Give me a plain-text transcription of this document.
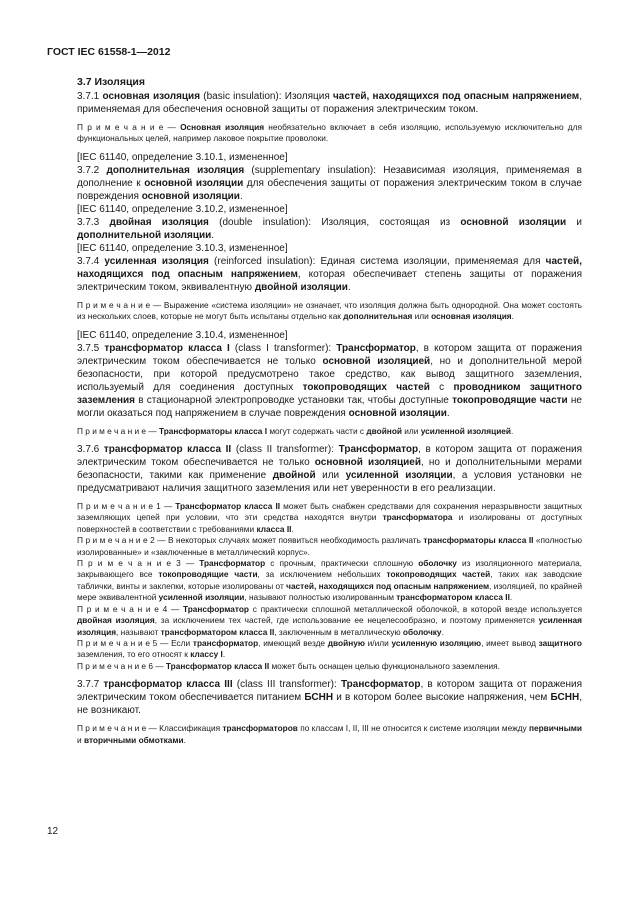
ГОСТ IEC 61558-1—2012
3.7 Изоляция

3.7.1 основная изоляция (basic insulation): Изоляция частей, находящихся под опасным напряжением, применяемая для обеспечения основной защиты от поражения электрическим током.

П р и м е ч а н и е — Основная изоляция необязательно включает в себя изоляцию, используемую исключительно для функциональных целей, например лаковое покрытие проволоки.

[IEC 61140, определение 3.10.1, измененное]

3.7.2 дополнительная изоляция (supplementary insulation): Независимая изоляция, применяемая в дополнение к основной изоляции для обеспечения защиты от поражения электрическим током в случае повреждения основной изоляции.

[IEC 61140, определение 3.10.2, измененное]

3.7.3 двойная изоляция (double insulation): Изоляция, состоящая из основной изоляции и дополнительной изоляции.

[IEC 61140, определение 3.10.3, измененное]

3.7.4 усиленная изоляция (reinforced insulation): Единая система изоляции, применяемая для частей, находящихся под опасным напряжением, которая обеспечивает степень защиты от поражения электрическим током, эквивалентную двойной изоляции.

П р и м е ч а н и е — Выражение «система изоляции» не означает, что изоляция должна быть однородной. Она может состоять из нескольких слоев, которые не могут быть испытаны отдельно как дополнительная или основная изоляция.

[IEC 61140, определение 3.10.4, измененное]

3.7.5 трансформатор класса I (class I transformer): Трансформатор, в котором защита от поражения электрическим током обеспечивается не только основной изоляцией, но и дополнительной мерой безопасности, при которой предусмотрено такое средство, как вывод защитного заземления, используемый для соединения доступных токопроводящих частей с проводником защитного заземления в стационарной электропроводке установки так, чтобы доступные токопроводящие части не могли оказаться под напряжением в случае повреждения основной изоляции.

П р и м е ч а н и е — Трансформаторы класса I могут содержать части с двойной или усиленной изоляцией.

3.7.6 трансформатор класса II (class II transformer): Трансформатор, в котором защита от поражения электрическим током обеспечивается не только основной изоляцией, но и дополнительными мерами безопасности, такими как применение двойной или усиленной изоляции, а условия установки не предусматривают наличия защитного заземления или нет уверенности в его реализации.

П р и м е ч а н и е 1 — Трансформатор класса II может быть снабжен средствами для сохранения неразрывности защитных заземляющих цепей при условии, что эти средства находятся внутри трансформатора и изолированы от доступных поверхностей в соответствии с требованиями класса II.

П р и м е ч а н и е 2 — В некоторых случаях может появиться необходимость различать трансформаторы класса II «полностью изолированные» и «заключенные в металлический корпус».

П р и м е ч а н и е 3 — Трансформатор с прочным, практически сплошную оболочку из изоляционного материала, закрывающего все токопроводящие части, за исключением небольших токопроводящих частей, таких как заводские таблички, винты и заклепки, которые изолированы от частей, находящихся под опасным напряжением, изоляцией, по крайней мере эквивалентной усиленной изоляции, называют полностью изолированным трансформатором класса II.

П р и м е ч а н и е 4 — Трансформатор с практически сплошной металлической оболочкой, в которой везде используется двойная изоляция, за исключением тех частей, где использование ее нецелесообразно, и поэтому применяется усиленная изоляция, называют трансформатором класса II, заключенным в металлическую оболочку.

П р и м е ч а н и е 5 — Если трансформатор, имеющий везде двойную и/или усиленную изоляцию, имеет вывод защитного заземления, то его относят к классу I.

П р и м е ч а н и е 6 — Трансформатор класса II может быть оснащен целью функционального заземления.

3.7.7 трансформатор класса III (class III transformer): Трансформатор, в котором защита от поражения электрическим током обеспечивается питанием БСНН и в котором более высокие напряжения, чем БСНН, не возникают.

П р и м е ч а н и е — Классификация трансформаторов по классам I, II, III не относится к системе изоляции между первичными и вторичными обмотками.

12
